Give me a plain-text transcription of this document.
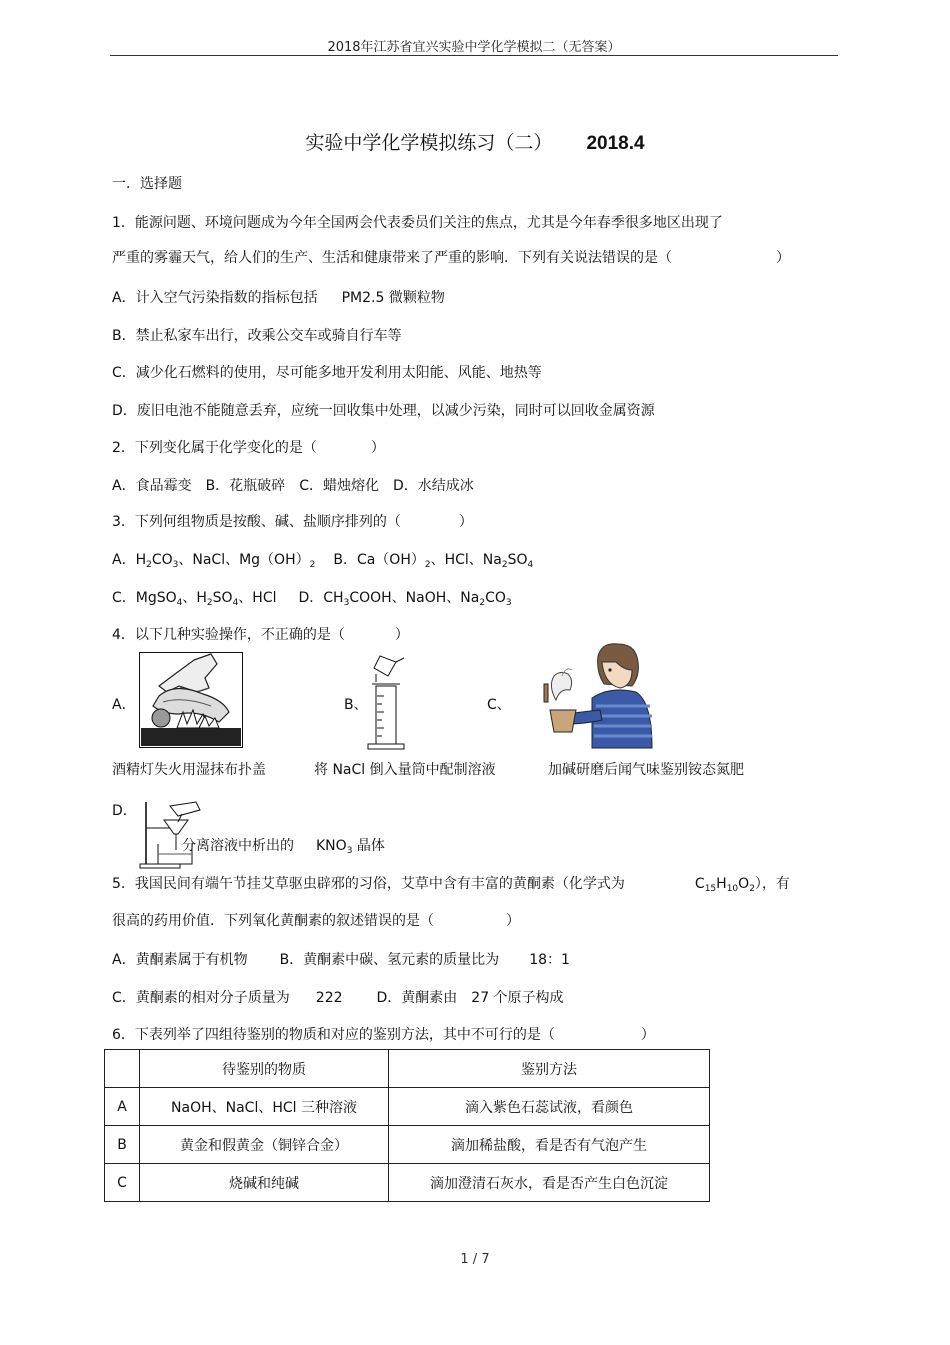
2018年江苏省宜兴实验中学化学模拟二（无答案）
实验中学化学模拟练习（二） 2018.4
一．选择题
1．能源问题、环境问题成为今年全国两会代表委员们关注的焦点，尤其是今年春季很多地区出现了
严重的雾霾天气，给人们的生产、生活和健康带来了严重的影响．下列有关说法错误的是（	）
A．计入空气污染指数的指标包括 PM2.5 微颗粒物
B．禁止私家车出行，改乘公交车或骑自行车等
C．减少化石燃料的使用，尽可能多地开发利用太阳能、风能、地热等
D．废旧电池不能随意丢弃，应统一回收集中处理，以减少污染，同时可以回收金属资源
2．下列变化属于化学变化的是（	）
A．食品霉变 B．花瓶破碎 C．蜡烛熔化 D．水结成冰
3．下列何组物质是按酸、碱、盐顺序排列的（	）
A．$H_2CO_3$、NaCl、$Mg(OH)_2$ B．$Ca(OH)_2$、HCl、$Na_2SO_4$
C．MgSO$_4$、$H_2SO_4$、HCl D．$CH_3COOH$、NaOH、$Na_2CO_3$
4．以下几种实验操作，不正确的是（	）
A．	B、	C、
酒精灯失火用湿抹布扑盖	将 NaCl 倒入量筒中配制溶液	加碱研磨后闻气味鉴别铵态氮肥
D．
分离溶液中析出的 $KNO_3$ 晶体
5．我国民间有端午节挂艾草驱虫辟邪的习俗，艾草中含有丰富的黄酮素（化学式为	$C_{15}H_{10}O_2$），有
很高的药用价值．下列氧化黄酮素的叙述错误的是（	）
A．黄酮素属于有机物 B．黄酮素中碳、氢元素的质量比为 18：1
C．黄酮素的相对分子质量为 222 D．黄酮素由 27 个原子构成
6．下表列举了四组待鉴别的物质和对应的鉴别方法，其中不可行的是（	）
	待鉴别的物质	鉴别方法
A	NaOH、NaCl、HCl 三种溶液	滴入紫色石蕊试液，看颜色
B	黄金和假黄金（铜锌合金）	滴加稀盐酸，看是否有气泡产生
C	烧碱和纯碱	滴加澄清石灰水，看是否产生白色沉淀
1 / 7
